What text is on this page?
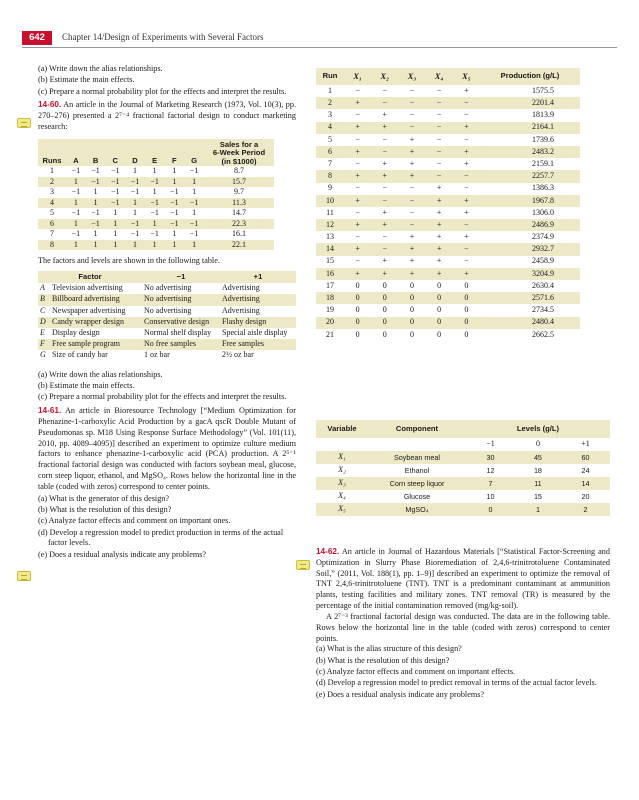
642	Chapter 14/Design of Experiments with Several Factors
(a) Write down the alias relationships.
(b) Estimate the main effects.
(c) Prepare a normal probability plot for the effects and interpret the results.
14-60. An article in the Journal of Marketing Research (1973, Vol. 10(3), pp. 270–276) presented a 2⁷⁻⁴ fractional factorial design to conduct marketing research:
Runs	A	B	C	D	E	F	G	Sales for a
6-Week Period
(in $1000)

1	−1	−1	−1	1	1	1	−1	8.7
2	1	−1	−1	−1	−1	1	1	15.7
3	−1	1	−1	−1	1	−1	1	9.7
4	1	1	−1	1	−1	−1	−1	11.3
5	−1	−1	1	1	−1	−1	1	14.7
6	1	−1	1	−1	1	−1	−1	22.3
7	−1	1	1	−1	−1	1	−1	16.1
8	1	1	1	1	1	1	1	22.1
The factors and levels are shown in the following table.
Factor		−1	+1
A	Television advertising	No advertising	Advertising
B	Billboard advertising	No advertising	Advertising
C	Newspaper advertising	No advertising	Advertising
D	Candy wrapper design	Conservative design	Flashy design
E	Display design	Normal shelf display	Special aisle display
F	Free sample program	No free samples	Free samples
G	Size of candy bar	1 oz bar	2½ oz bar
(a) Write down the alias relationships.
(b) Estimate the main effects.
(c) Prepare a normal probability plot for the effects and interpret the results.
14-61. An article in Bioresource Technology [“Medium Optimization for Phenazine-1-carboxylic Acid Production by a gacA qscR Double Mutant of Pseudomonas sp. M18 Using Response Surface Methodology” (Vol. 101(11), 2010, pp. 4089–4095)] described an experiment to optimize culture medium factors to enhance phenazine-1-carboxylic acid (PCA) production. A 2⁵⁻¹ fractional factorial design was conducted with factors soybean meal, glucose, corn steep liquor, ethanol, and MgSO₄. Rows below the horizontal line in the table (coded with zeros) correspond to center points.
(a) What is the generator of this design?
(b) What is the resolution of this design?
(c) Analyze factor effects and comment on important ones.
(d) Develop a regression model to predict production in terms of the actual factor levels.
(e) Does a residual analysis indicate any problems?
Run	X₁	X₂	X₃	X₄	X₅	Production (g/L)
1	−	−	−	−	+	1575.5
2	+	−	−	−	−	2201.4
3	−	+	−	−	−	1813.9
4	+	+	−	−	+	2164.1
5	−	−	+	−	−	1739.6
6	+	−	+	−	+	2483.2
7	−	+	+	−	+	2159.1
8	+	+	+	−	−	2257.7
9	−	−	−	+	−	1386.3
10	+	−	−	+	+	1967.8
11	−	+	−	+	+	1306.0
12	+	+	−	+	−	2486.9
13	−	−	+	+	+	2374.9
14	+	−	+	+	−	2932.7
15	−	+	+	+	−	2458.9
16	+	+	+	+	+	3204.9
17	0	0	0	0	0	2630.4
18	0	0	0	0	0	2571.6
19	0	0	0	0	0	2734.5
20	0	0	0	0	0	2480.4
21	0	0	0	0	0	2662.5
Variable	Component	Levels (g/L)		
		−1	0	+1
X₁	Soybean meal	30	45	60
X₂	Ethanol	12	18	24
X₃	Corn steep liquor	7	11	14
X₄	Glucose	10	15	20
X₅	MgSO₄	0	1	2
14-62. An article in Journal of Hazardous Materials [“Statistical Factor-Screening and Optimization in Slurry Phase Bioremediation of 2,4,6-trinitrotoluene Contaminated Soil,” (2011, Vol. 188(1), pp. 1–9)] described an experiment to optimize the removal of TNT 2,4,6-trinitrotoluene (TNT). TNT is a predominant contaminant at ammunition plants, testing facilities and military zones. TNT removal (TR) is measured by the percentage of the initial contamination removed (mg/kg-soil).
A 2⁷⁻³ fractional factorial design was conducted. The data are in the following table. Rows below the horizontal line in the table (coded with zeros) correspond to center points.
(a) What is the alias structure of this design?
(b) What is the resolution of this design?
(c) Analyze factor effects and comment on important effects.
(d) Develop a regression model to predict removal in terms of the actual factor levels.
(e) Does a residual analysis indicate any problems?
